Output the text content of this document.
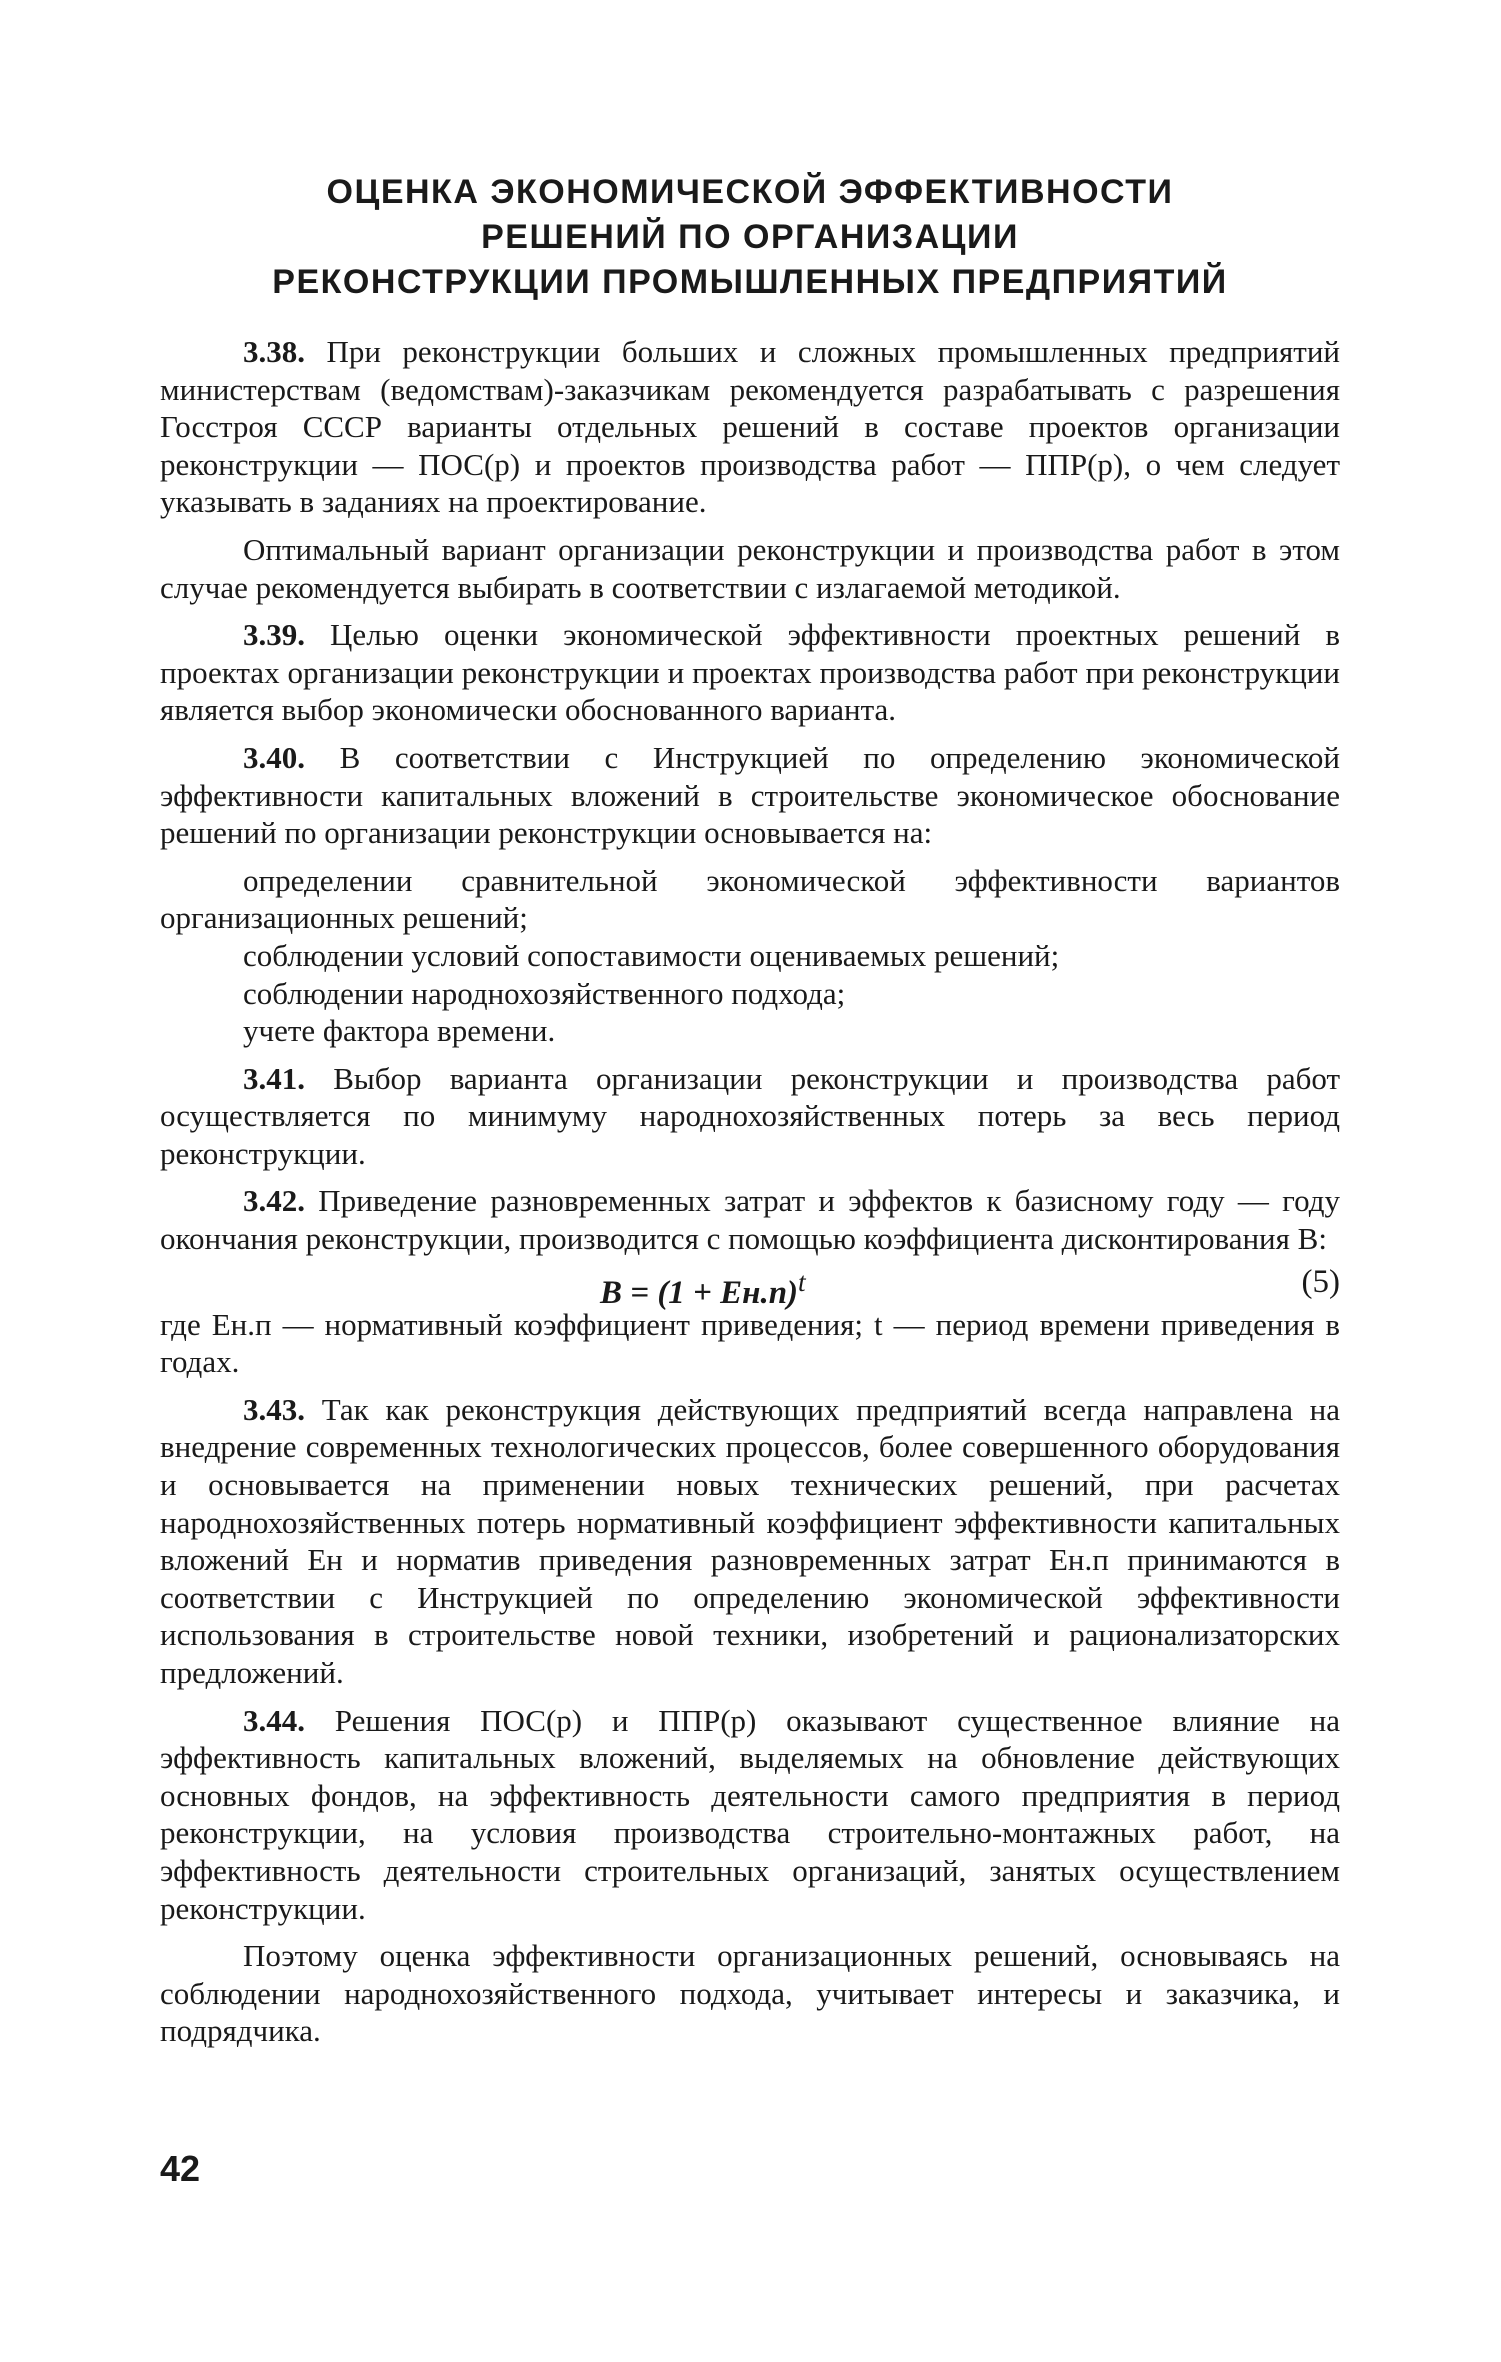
ОЦЕНКА ЭКОНОМИЧЕСКОЙ ЭФФЕКТИВНОСТИ
РЕШЕНИЙ ПО ОРГАНИЗАЦИИ
РЕКОНСТРУКЦИИ ПРОМЫШЛЕННЫХ ПРЕДПРИЯТИЙ

3.38. При реконструкции больших и сложных промышленных предприятий министерствам (ведомствам)-заказчикам рекомендуется разрабатывать с разрешения Госстроя СССР варианты отдельных решений в составе проектов организации реконструкции — ПОС(р) и проектов производства работ — ППР(р), о чем следует указывать в заданиях на проектирование.

Оптимальный вариант организации реконструкции и производства работ в этом случае рекомендуется выбирать в соответствии с излагаемой методикой.

3.39. Целью оценки экономической эффективности проектных решений в проектах организации реконструкции и проектах производства работ при реконструкции является выбор экономически обоснованного варианта.

3.40. В соответствии с Инструкцией по определению экономической эффективности капитальных вложений в строительстве экономическое обоснование решений по организации реконструкции основывается на:

определении сравнительной экономической эффективности вариантов организационных решений;

соблюдении условий сопоставимости оцениваемых решений;

соблюдении народнохозяйственного подхода;

учете фактора времени.

3.41. Выбор варианта организации реконструкции и производства работ осуществляется по минимуму народнохозяйственных потерь за весь период реконструкции.

3.42. Приведение разновременных затрат и эффектов к базисному году — году окончания реконструкции, производится с помощью коэффициента дисконтирования B:

$B = (1 + Eн.п)^t$	(5)

где Eн.п — нормативный коэффициент приведения; t — период времени приведения в годах.

3.43. Так как реконструкция действующих предприятий всегда направлена на внедрение современных технологических процессов, более совершенного оборудования и основывается на применении новых технических решений, при расчетах народнохозяйственных потерь нормативный коэффициент эффективности капитальных вложений Eн и норматив приведения разновременных затрат Eн.п принимаются в соответствии с Инструкцией по определению экономической эффективности использования в строительстве новой техники, изобретений и рационализаторских предложений.

3.44. Решения ПОС(р) и ППР(р) оказывают существенное влияние на эффективность капитальных вложений, выделяемых на обновление действующих основных фондов, на эффективность деятельности самого предприятия в период реконструкции, на условия производства строительно-монтажных работ, на эффективность деятельности строительных организаций, занятых осуществлением реконструкции.

Поэтому оценка эффективности организационных решений, основываясь на соблюдении народнохозяйственного подхода, учитывает интересы и заказчика, и подрядчика.

42
